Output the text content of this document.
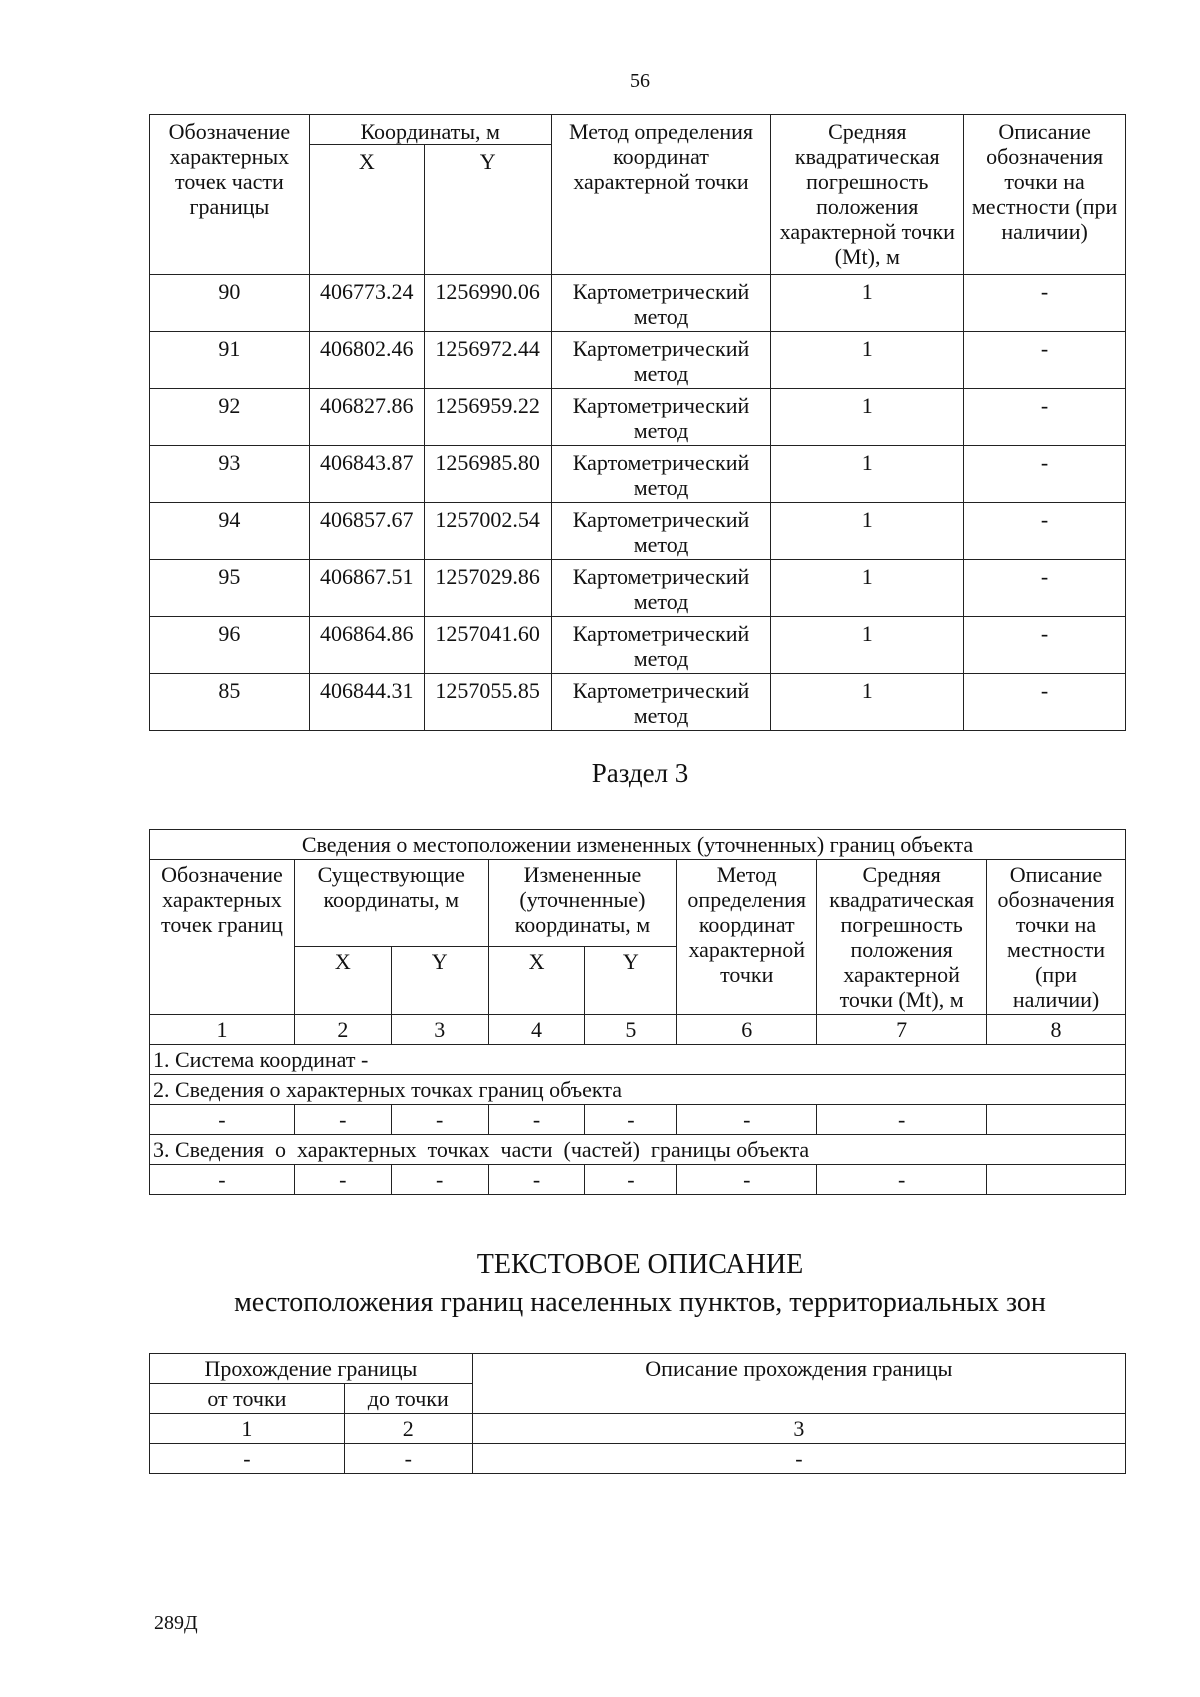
56
Обозначение характерных точек части границы	Координаты, м		Метод определения координат характерной точки	Средняя квадратическая погрешность положения характерной точки (Mt), м	Описание обозначения точки на местности (при наличии)
	X	Y			
90	406773.24	1256990.06	Картометрический метод	1	-
91	406802.46	1256972.44	Картометрический метод	1	-
92	406827.86	1256959.22	Картометрический метод	1	-
93	406843.87	1256985.80	Картометрический метод	1	-
94	406857.67	1257002.54	Картометрический метод	1	-
95	406867.51	1257029.86	Картометрический метод	1	-
96	406864.86	1257041.60	Картометрический метод	1	-
85	406844.31	1257055.85	Картометрический метод	1	-
Раздел 3
Сведения о местоположении измененных (уточненных) границ объекта							
Обозначение характерных точек границ	Существующие координаты, м		Измененные (уточненные) координаты, м		Метод определения координат характерной точки	Средняя квадратическая погрешность положения характерной точки (Mt), м	Описание обозначения точки на местности (при наличии)
	X	Y	X	Y			
1	2	3	4	5	6	7	8
1. Система координат -							
2. Сведения о характерных точках границ объекта							
-	-	-	-	-	-	-	
3. Сведения  о  характерных  точках  части  (частей)  границы объекта							
-	-	-	-	-	-	-	
ТЕКСТОВОЕ ОПИСАНИЕ
местоположения границ населенных пунктов, территориальных зон
Прохождение границы		Описание прохождения границы
от точки	до точки	
1	2	3
-	-	-
289Д
